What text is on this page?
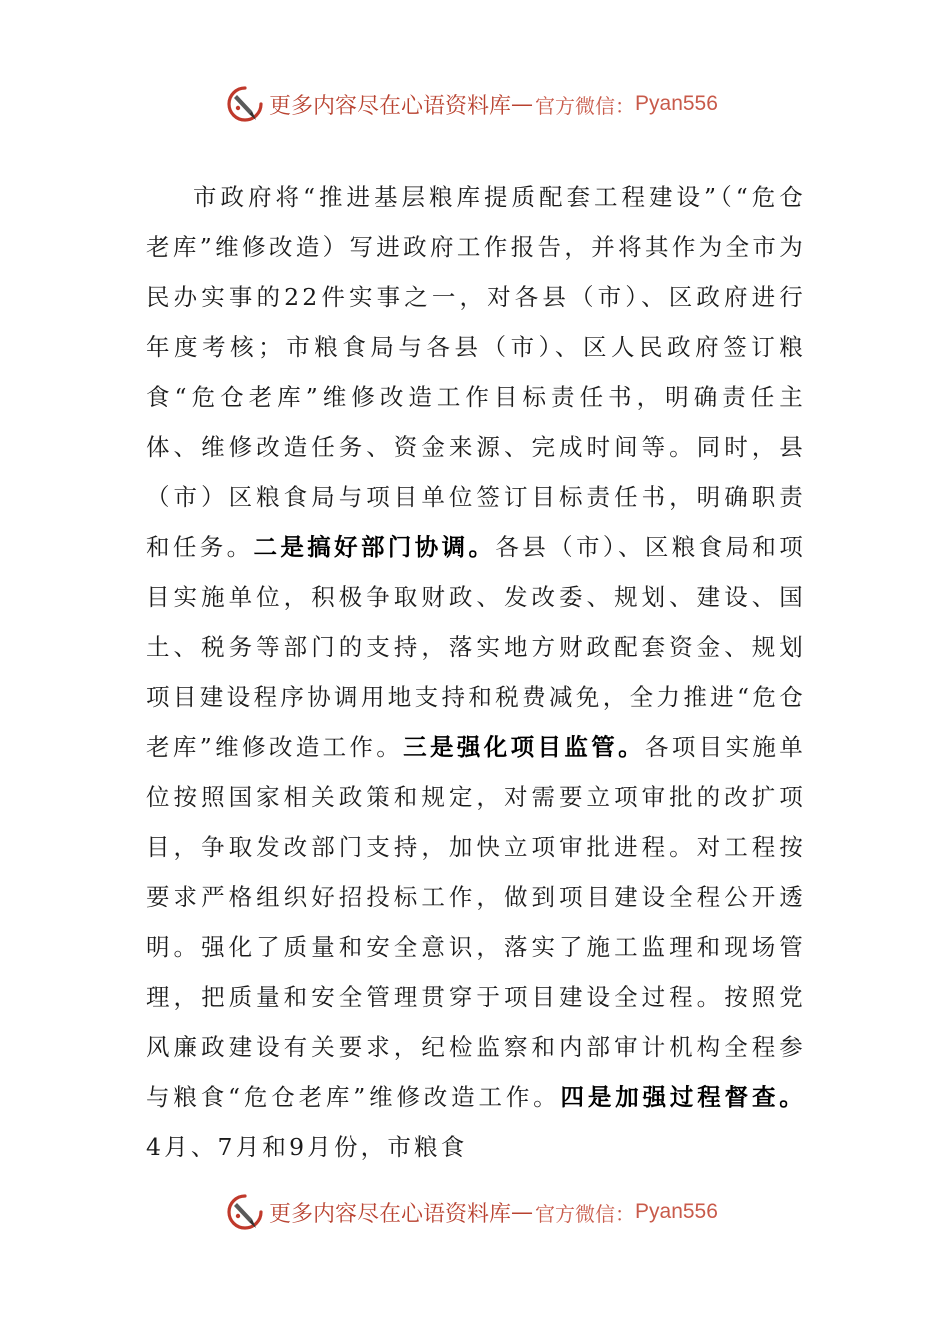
更多内容尽在心语资料库 — 官方微信： Pyan556

市政府将“推进基层粮库提质配套工程建设”（“危仓老库”维修改造）写进政府工作报告，并将其作为全市为民办实事的22件实事之一，对各县（市）、区政府进行年度考核；市粮食局与各县（市）、区人民政府签订粮食“危仓老库”维修改造工作目标责任书，明确责任主体、维修改造任务、资金来源、完成时间等。同时，县（市）区粮食局与项目单位签订目标责任书，明确职责和任务。二是搞好部门协调。各县（市）、区粮食局和项目实施单位，积极争取财政、发改委、规划、建设、国土、税务等部门的支持，落实地方财政配套资金、规划项目建设程序协调用地支持和税费减免，全力推进“危仓老库”维修改造工作。三是强化项目监管。各项目实施单位按照国家相关政策和规定，对需要立项审批的改扩项目，争取发改部门支持，加快立项审批进程。对工程按要求严格组织好招投标工作，做到项目建设全程公开透明。强化了质量和安全意识，落实了施工监理和现场管理，把质量和安全管理贯穿于项目建设全过程。按照党风廉政建设有关要求，纪检监察和内部审计机构全程参与粮食“危仓老库”维修改造工作。四是加强过程督查。4月、7月和9月份，市粮食

更多内容尽在心语资料库 — 官方微信： Pyan556
